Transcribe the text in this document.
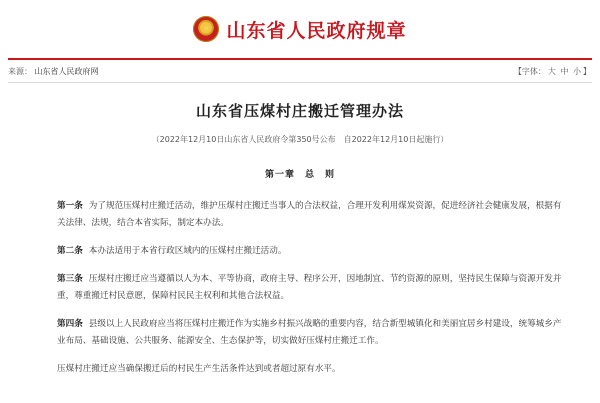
山东省人民政府规章
来源： 山东省人民政府网	【字体： 大 中 小 】
山东省压煤村庄搬迁管理办法
（2022年12月10日山东省人民政府令第350号公布　自2022年12月10日起施行）
第一章　总　则

第一条 为了规范压煤村庄搬迁活动，维护压煤村庄搬迁当事人的合法权益，合理开发利用煤炭资源，促进经济社会健康发展，根据有关法律、法规，结合本省实际，制定本办法。

第二条 本办法适用于本省行政区域内的压煤村庄搬迁活动。

第三条 压煤村庄搬迁应当遵循以人为本、平等协商，政府主导、程序公开，因地制宜、节约资源的原则，坚持民生保障与资源开发并重，尊重搬迁村民意愿，保障村民民主权利和其他合法权益。

第四条 县级以上人民政府应当将压煤村庄搬迁作为实施乡村振兴战略的重要内容，结合新型城镇化和美丽宜居乡村建设，统筹城乡产业布局、基础设施、公共服务、能源安全、生态保护等，切实做好压煤村庄搬迁工作。

压煤村庄搬迁应当确保搬迁后的村民生产生活条件达到或者超过原有水平。
